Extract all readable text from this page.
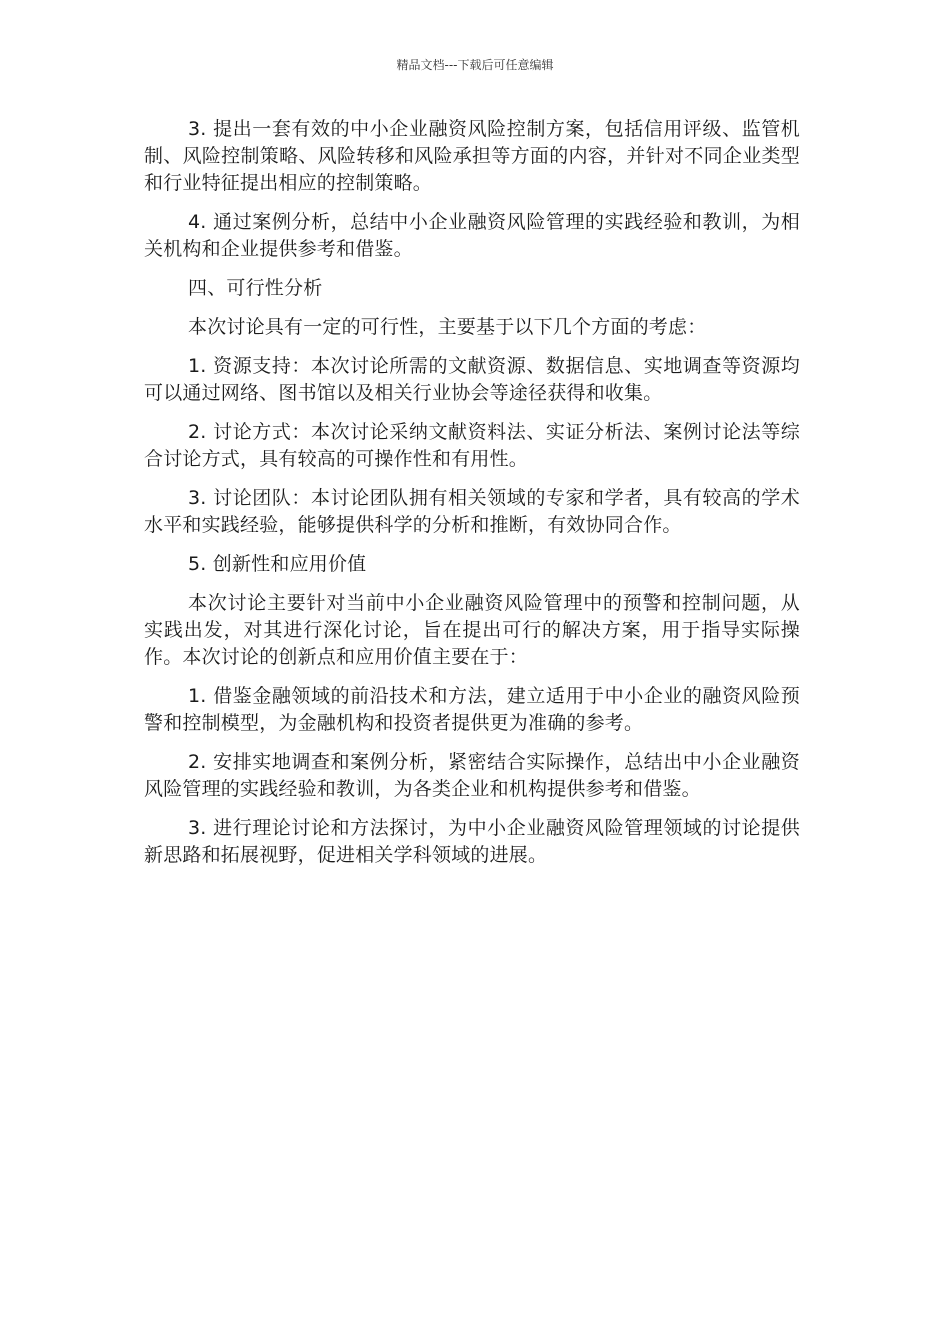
精品文档---下载后可任意编辑

3. 提出一套有效的中小企业融资风险控制方案，包括信用评级、监管机制、风险控制策略、风险转移和风险承担等方面的内容，并针对不同企业类型和行业特征提出相应的控制策略。

4. 通过案例分析，总结中小企业融资风险管理的实践经验和教训，为相关机构和企业提供参考和借鉴。

四、可行性分析

本次讨论具有一定的可行性，主要基于以下几个方面的考虑：

1. 资源支持：本次讨论所需的文献资源、数据信息、实地调查等资源均可以通过网络、图书馆以及相关行业协会等途径获得和收集。

2. 讨论方式：本次讨论采纳文献资料法、实证分析法、案例讨论法等综合讨论方式，具有较高的可操作性和有用性。

3. 讨论团队：本讨论团队拥有相关领域的专家和学者，具有较高的学术水平和实践经验，能够提供科学的分析和推断，有效协同合作。

5. 创新性和应用价值

本次讨论主要针对当前中小企业融资风险管理中的预警和控制问题，从实践出发，对其进行深化讨论，旨在提出可行的解决方案，用于指导实际操作。本次讨论的创新点和应用价值主要在于：

1. 借鉴金融领域的前沿技术和方法，建立适用于中小企业的融资风险预警和控制模型，为金融机构和投资者提供更为准确的参考。

2. 安排实地调查和案例分析，紧密结合实际操作，总结出中小企业融资风险管理的实践经验和教训，为各类企业和机构提供参考和借鉴。

3. 进行理论讨论和方法探讨，为中小企业融资风险管理领域的讨论提供新思路和拓展视野，促进相关学科领域的进展。
